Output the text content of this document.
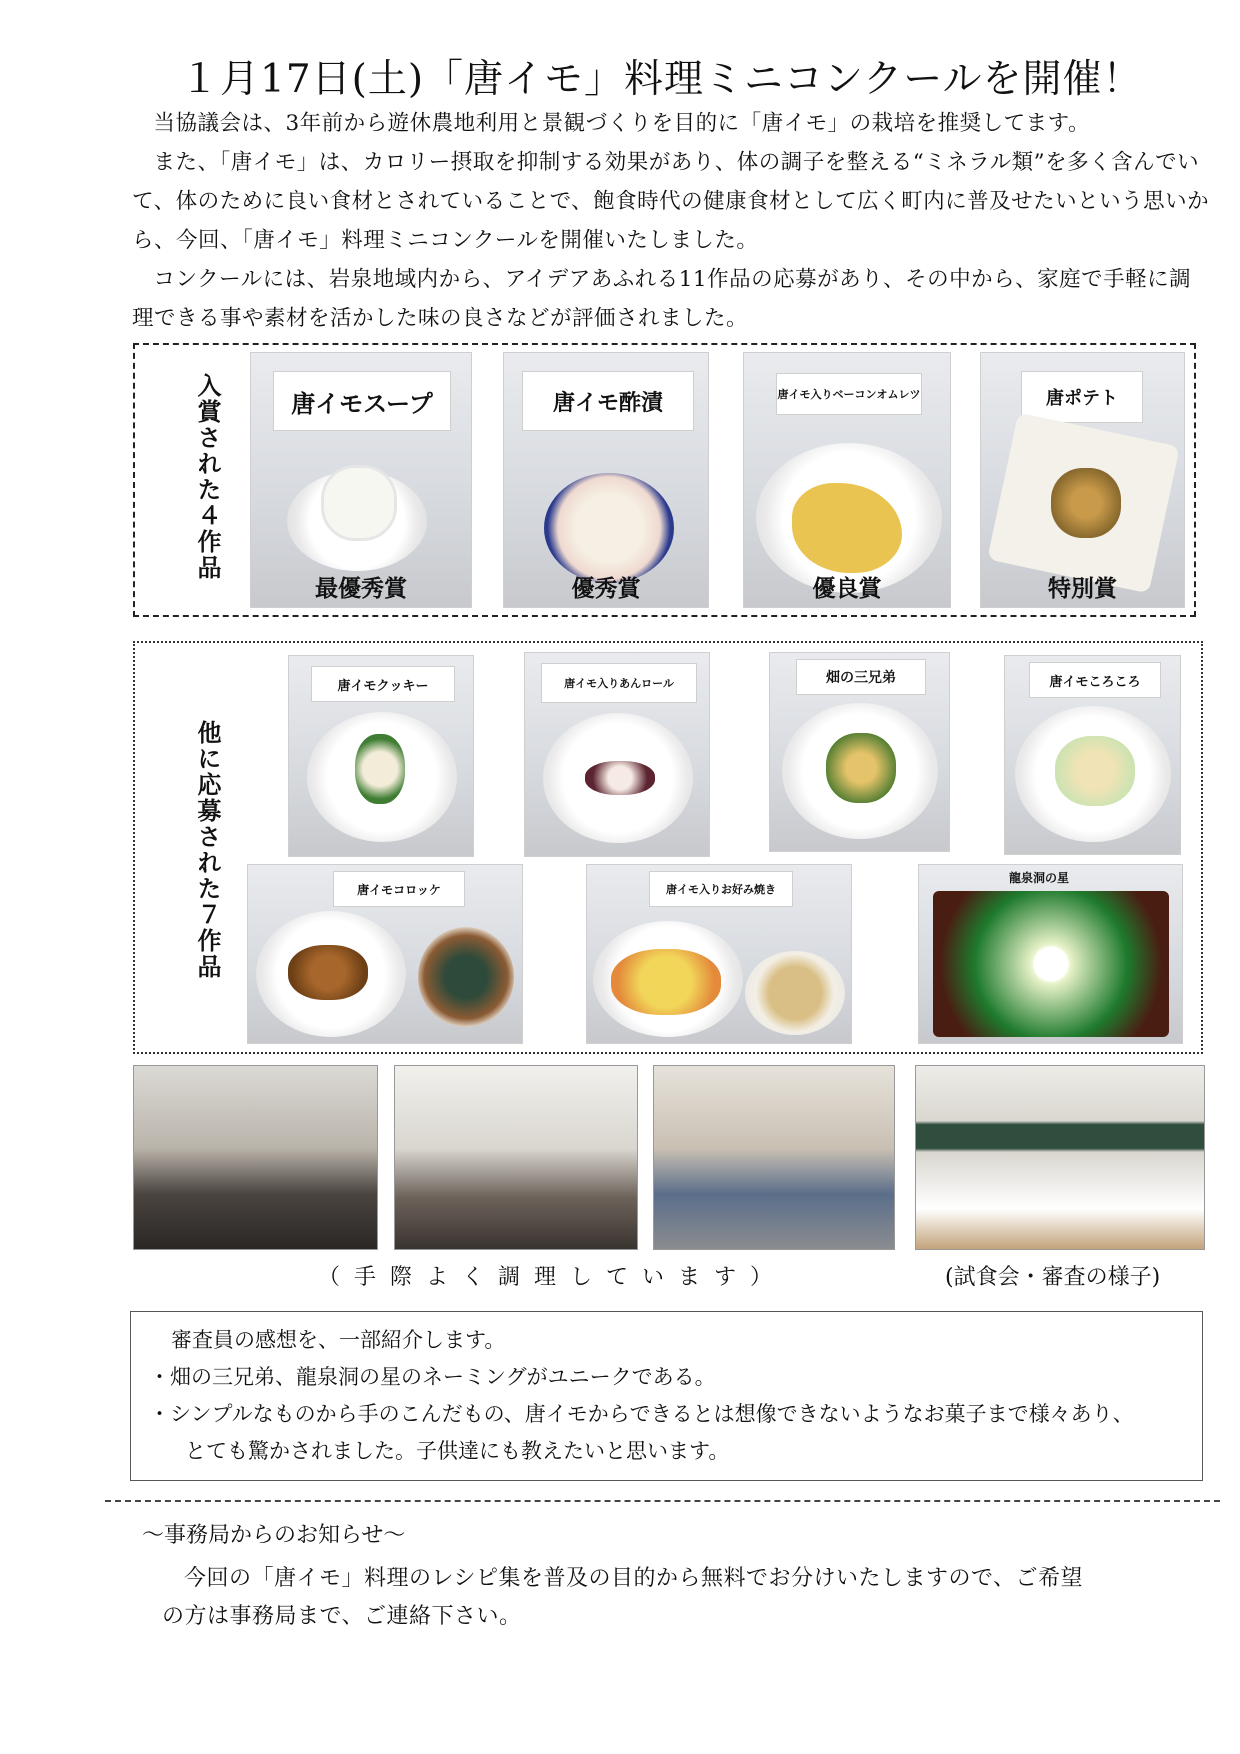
１月17日(土)「唐イモ」料理ミニコンクールを開催！

当協議会は、3年前から遊休農地利用と景観づくりを目的に「唐イモ」の栽培を推奨してます。

また、「唐イモ」は、カロリー摂取を抑制する効果があり、体の調子を整える“ミネラル類”を多く含んでいて、体のために良い食材とされていることで、飽食時代の健康食材として広く町内に普及せたいという思いから、今回、「唐イモ」料理ミニコンクールを開催いたしました。

コンクールには、岩泉地域内から、アイデアあふれる11作品の応募があり、その中から、家庭で手軽に調理できる事や素材を活かした味の良さなどが評価されました。

入賞された４作品	唐イモスープ
最優秀賞
唐イモ酢漬
優秀賞
唐イモ入りベーコンオムレツ
優良賞
唐ポテト
特別賞
他に応募された７作品
唐イモクッキー	唐イモ入りあんロール	畑の三兄弟	唐イモころころ
唐イモコロッケ	唐イモ入りお好み焼き
龍泉洞の星
（手際よく調理しています）	(試食会・審査の様子)

審査員の感想を、一部紹介します。

・畑の三兄弟、龍泉洞の星のネーミングがユニークである。

・シンプルなものから手のこんだもの、唐イモからできるとは想像できないようなお菓子まで様々あり、

とても驚かされました。子供達にも教えたいと思います。

～事務局からのお知らせ～

今回の「唐イモ」料理のレシピ集を普及の目的から無料でお分けいたしますので、ご希望

の方は事務局まで、ご連絡下さい。
